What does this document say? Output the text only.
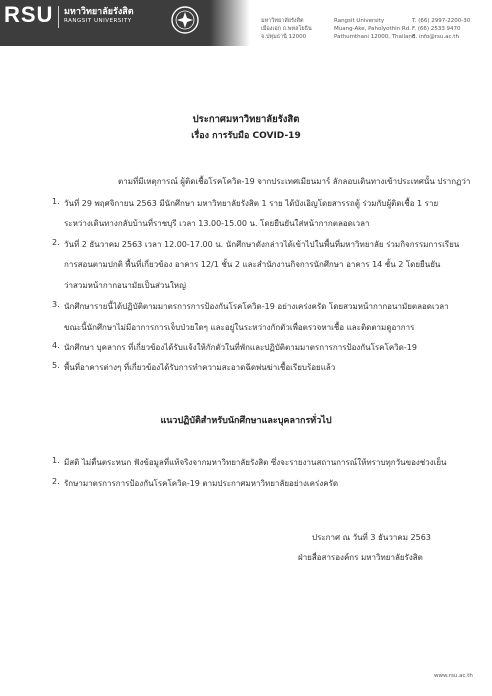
RSU มหาวิทยาลัยรังสิต
RANGSIT UNIVERSITY	มหาวิทยาลัยรังสิต
เมืองเอก ถ.พหลโยธิน
จ.ปทุมธานี 12000
Rangsit University
Muang-Ake, Paholyothin Rd.
Pathumthani 12000, Thailand
T. (66) 2997-2200-30
F. (66) 2533 9470
E. info@rsu.ac.th
ประกาศมหาวิทยาลัยรังสิต
เรื่อง การรับมือ COVID-19
ตามที่มีเหตุการณ์ ผู้ติดเชื้อโรคโควิด-19 จากประเทศเมียนมาร์ ลักลอบเดินทางเข้าประเทศนั้น ปรากฏว่า
1. วันที่ 29 พฤศจิกายน 2563 มีนักศึกษา มหาวิทยาลัยรังสิต 1 ราย ได้บังเอิญโดยสารรถตู้ ร่วมกับผู้ติดเชื้อ 1 ราย
ระหว่างเดินทางกลับบ้านที่ราชบุรี เวลา 13.00-15.00 น. โดยยืนยันใส่หน้ากากตลอดเวลา
2. วันที่ 2 ธันวาคม 2563 เวลา 12.00-17.00 น. นักศึกษาดังกล่าวได้เข้าไปในพื้นที่มหาวิทยาลัย ร่วมกิจกรรมการเรียน
การสอนตามปกติ พื้นที่เกี่ยวข้อง อาคาร 12/1 ชั้น 2 และสำนักงานกิจการนักศึกษา อาคาร 14 ชั้น 2 โดยยืนยัน
ว่าสวมหน้ากากอนามัยเป็นส่วนใหญ่
3. นักศึกษารายนี้ได้ปฏิบัติตามมาตรการการป้องกันโรคโควิด-19 อย่างเคร่งครัด โดยสวมหน้ากากอนามัยตลอดเวลา
ขณะนี้นักศึกษาไม่มีอาการการเจ็บป่วยใดๆ และอยู่ในระหว่างกักตัวเพื่อตรวจหาเชื้อ และติดตามดูอาการ
4. นักศึกษา บุคลากร ที่เกี่ยวข้องได้รับแจ้งให้กักตัวในที่พักและปฏิบัติตามมาตรการการป้องกันโรคโควิด-19
5. พื้นที่อาคารต่างๆ ที่เกี่ยวข้องได้รับการทำความสะอาดฉีดพ่นฆ่าเชื้อเรียบร้อยแล้ว
แนวปฏิบัติสำหรับนักศึกษาและบุคลากรทั่วไป
1. มีสติ ไม่ตื่นตระหนก ฟังข้อมูลที่แท้จริงจากมหาวิทยาลัยรังสิต ซึ่งจะรายงานสถานการณ์ให้ทราบทุกวันของช่วงเย็น
2. รักษามาตรการการป้องกันโรคโควิด-19 ตามประกาศมหาวิทยาลัยอย่างเคร่งครัด
ประกาศ ณ วันที่ 3 ธันวาคม 2563
ฝ่ายสื่อสารองค์กร มหาวิทยาลัยรังสิต
www.rsu.ac.th
